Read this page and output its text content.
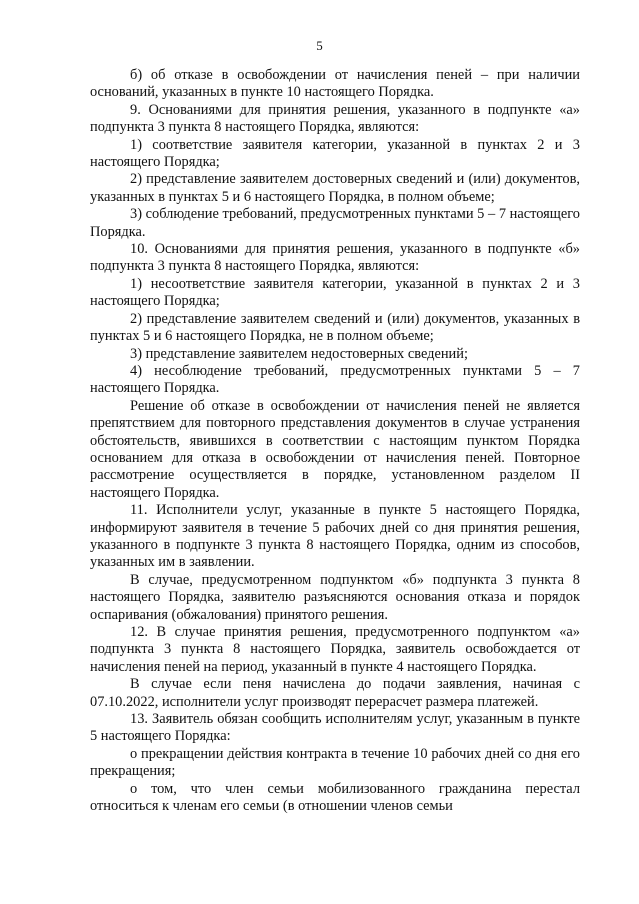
5

б) об отказе в освобождении от начисления пеней – при наличии оснований, указанных в пункте 10 настоящего Порядка.

9. Основаниями для принятия решения, указанного в подпункте «а» подпункта 3 пункта 8 настоящего Порядка, являются:

1) соответствие заявителя категории, указанной в пунктах 2 и 3 настоящего Порядка;

2) представление заявителем достоверных сведений и (или) документов, указанных в пунктах 5 и 6 настоящего Порядка, в полном объеме;

3) соблюдение требований, предусмотренных пунктами 5 – 7 настоящего Порядка.

10. Основаниями для принятия решения, указанного в подпункте «б» подпункта 3 пункта 8 настоящего Порядка, являются:

1) несоответствие заявителя категории, указанной в пунктах 2 и 3 настоящего Порядка;

2) представление заявителем сведений и (или) документов, указанных в пунктах 5 и 6 настоящего Порядка, не в полном объеме;

3) представление заявителем недостоверных сведений;

4) несоблюдение требований, предусмотренных пунктами 5 – 7 настоящего Порядка.

Решение об отказе в освобождении от начисления пеней не является препятствием для повторного представления документов в случае устранения обстоятельств, явившихся в соответствии с настоящим пунктом Порядка основанием для отказа в освобождении от начисления пеней. Повторное рассмотрение осуществляется в порядке, установленном разделом II настоящего Порядка.

11. Исполнители услуг, указанные в пункте 5 настоящего Порядка, информируют заявителя в течение 5 рабочих дней со дня принятия решения, указанного в подпункте 3 пункта 8 настоящего Порядка, одним из способов, указанных им в заявлении.

В случае, предусмотренном подпунктом «б» подпункта 3 пункта 8 настоящего Порядка, заявителю разъясняются основания отказа и порядок оспаривания (обжалования) принятого решения.

12. В случае принятия решения, предусмотренного подпунктом «а» подпункта 3 пункта 8 настоящего Порядка, заявитель освобождается от начисления пеней на период, указанный в пункте 4 настоящего Порядка.

В случае если пеня начислена до подачи заявления, начиная с 07.10.2022, исполнители услуг производят перерасчет размера платежей.

13. Заявитель обязан сообщить исполнителям услуг, указанным в пункте 5 настоящего Порядка:

о прекращении действия контракта в течение 10 рабочих дней со дня его прекращения;

о том, что член семьи мобилизованного гражданина перестал относиться к членам его семьи (в отношении членов семьи
